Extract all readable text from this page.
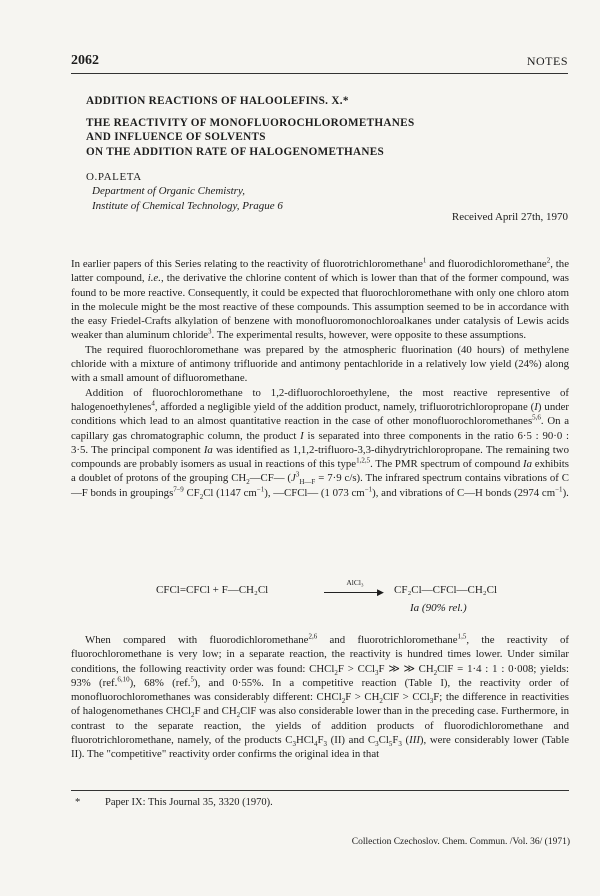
2062	NOTES
ADDITION REACTIONS OF HALOOLEFINS. X.*
THE REACTIVITY OF MONOFLUOROCHLOROMETHANES
AND INFLUENCE OF SOLVENTS
ON THE ADDITION RATE OF HALOGENOMETHANES
O.PALETA
Department of Organic Chemistry,
Institute of Chemical Technology, Prague 6
Received April 27th, 1970

In earlier papers of this Series relating to the reactivity of fluorotrichloromethane$^1$ and fluorodichloromethane$^2$, the latter compound, i.e., the derivative the chlorine content of which is lower than that of the former compound, was found to be more reactive. Consequently, it could be expected that fluorochloromethane with only one chloro atom in the molecule might be the most reactive of these compounds. This assumption seemed to be in accordance with the easy Friedel-Crafts alkylation of benzene with monofluoromonochloroalkanes under catalysis of Lewis acids weaker than aluminum chloride$^3$. The experimental results, however, were opposite to these assumptions.

The required fluorochloromethane was prepared by the atmospheric fluorination (40 hours) of methylene chloride with a mixture of antimony trifluoride and antimony pentachloride in a relatively low yield (24%) along with a small amount of difluoromethane.

Addition of fluorochloromethane to 1,2-difluorochloroethylene, the most reactive representive of halogenoethylenes$^4$, afforded a negligible yield of the addition product, namely, trifluorotrichloropropane (I) under conditions which lead to an almost quantitative reaction in the case of other monofluorochloromethanes$^{5,6}$. On a capillary gas chromatographic column, the product I is separated into three components in the ratio 6·5 : 90·0 : 3·5. The principal component Ia was identified as 1,1,2-trifluoro-3,3-dihydrytrichloropropane. The remaining two compounds are probably isomers as usual in reactions of this type$^{1,2,5}$. The PMR spectrum of compound Ia exhibits a doublet of protons of the grouping $CH_2—CF—$ ($J^3_{H—F} = 7\cdot 9$ c/s). The infrared spectrum contains vibrations of C—F bonds in groupings$^{7-9}$ $CF_2Cl$ (1147 $cm^{-1}$), —CFCl— (1 073 $cm^{-1}$), and vibrations of C—H bonds (2974 $cm^{-1}$).

CFCl=CFCl + F—CH₂Cl
AlCl₃
▶ CF₂Cl—CFCl—CH₂Cl
Ia (90% rel.)

When compared with fluorodichloromethane$^{2,6}$ and fluorotrichloromethane$^{1,5}$, the reactivity of fluorochloromethane is very low; in a separate reaction, the reactivity is hundred times lower. Under similar conditions, the following reactivity order was found: CHCl$_2$F > CCl$_3$F ≫ ≫ $CH_2ClF = 1\cdot 4$ : 1 : 0·008; yields: 93% (ref.$^{6,10}$), 68% (ref.$^5$), and 0·55%. In a competitive reaction (Table I), the reactivity order of monofluorochloromethanes was considerably different: CHCl$_2$F > $CH_2ClF > CCl_3F$; the difference in reactivities of halogenomethanes CHCl$_2$F and $CH_2ClF$ was also considerable lower than in the preceding case. Furthermore, in contrast to the separate reaction, the yields of addition products of fluorodichloromethane and fluorotrichloromethane, namely, of the products $C_3HCl_4F_3$ (II) and $C_3Cl_5F_3$ (III), were considerably lower (Table II). The "competitive" reactivity order confirms the original idea in that

* Paper IX: This Journal 35, 3320 (1970).
Collection Czechoslov. Chem. Commun. /Vol. 36/ (1971)
